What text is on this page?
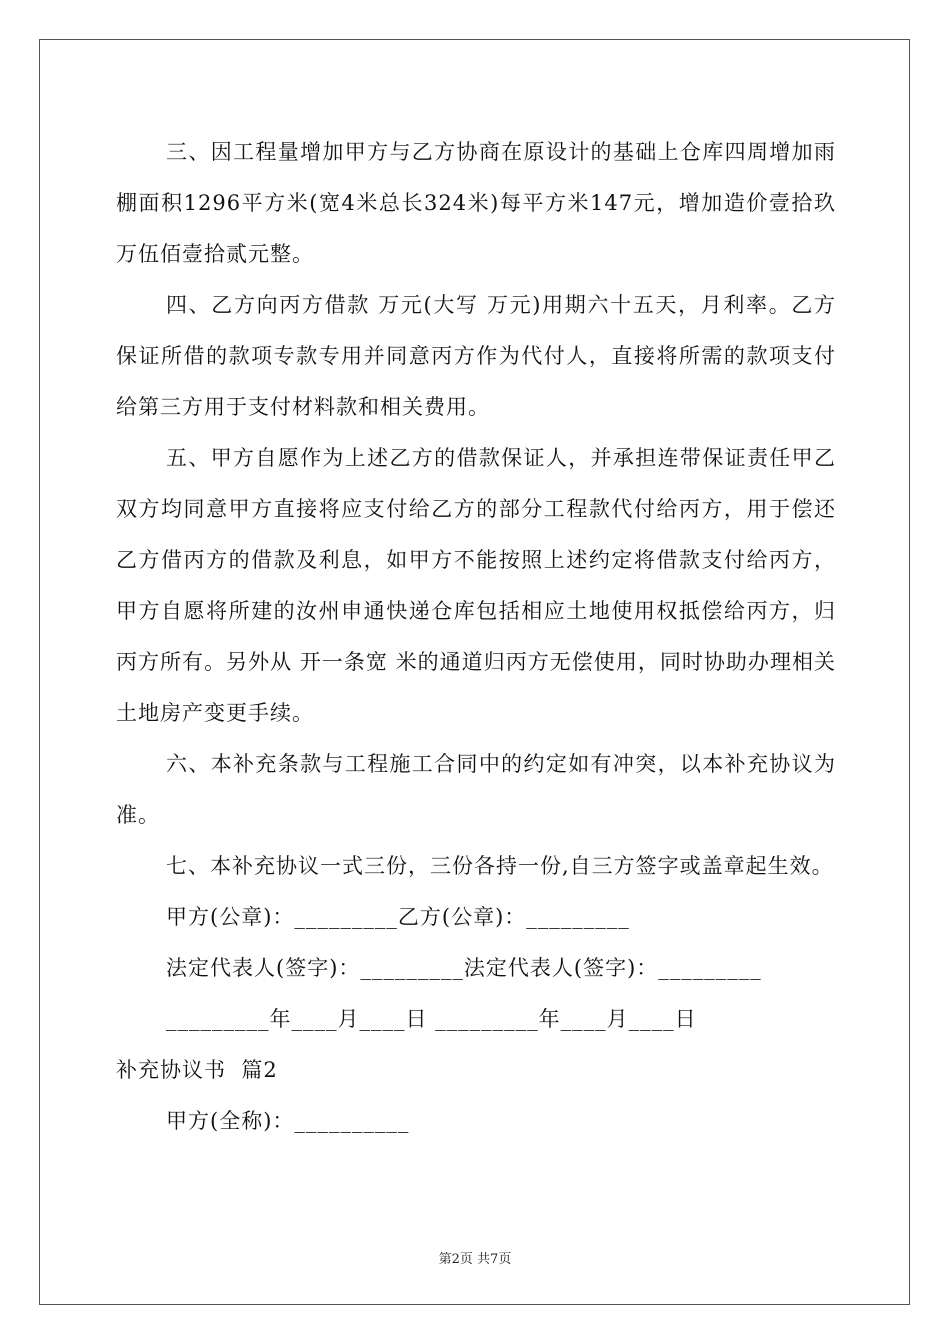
三、因工程量增加甲方与乙方协商在原设计的基础上仓库四周增加雨棚面积1296平方米(宽4米总长324米)每平方米147元，增加造价壹拾玖万伍佰壹拾贰元整。

四、乙方向丙方借款 万元(大写 万元)用期六十五天，月利率。乙方保证所借的款项专款专用并同意丙方作为代付人，直接将所需的款项支付给第三方用于支付材料款和相关费用。

五、甲方自愿作为上述乙方的借款保证人，并承担连带保证责任甲乙双方均同意甲方直接将应支付给乙方的部分工程款代付给丙方，用于偿还乙方借丙方的借款及利息，如甲方不能按照上述约定将借款支付给丙方，甲方自愿将所建的汝州申通快递仓库包括相应土地使用权抵偿给丙方，归丙方所有。另外从 开一条宽 米的通道归丙方无偿使用，同时协助办理相关土地房产变更手续。

六、本补充条款与工程施工合同中的约定如有冲突，以本补充协议为准。

七、本补充协议一式三份，三份各持一份,自三方签字或盖章起生效。

甲方(公章)：_________乙方(公章)：_________

法定代表人(签字)：_________法定代表人(签字)：_________

_________年____月____日 _________年____月____日

补充协议书  篇2

甲方(全称)：__________

第2页 共7页
